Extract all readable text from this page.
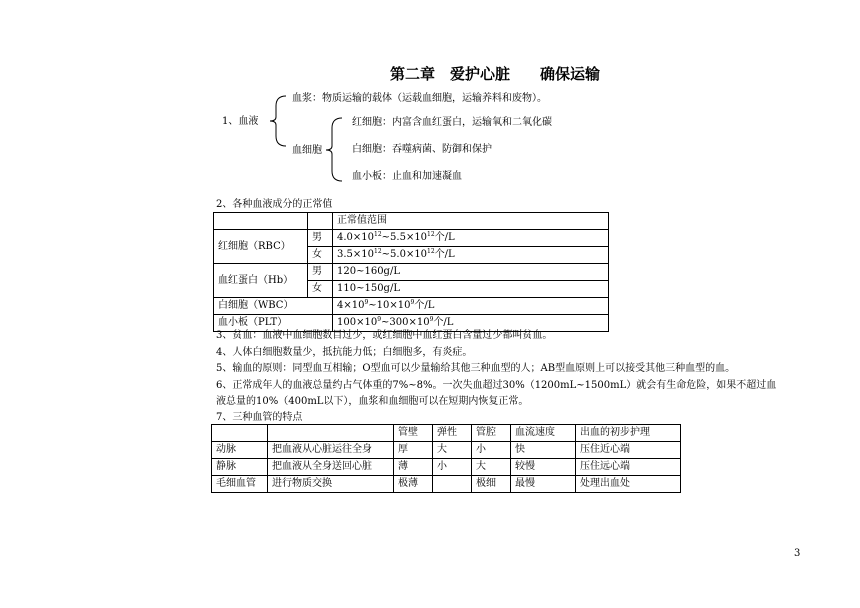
第二章　爱护心脏　　确保运输
1、血液
血浆：物质运输的载体（运载血细胞，运输养料和废物）。
血细胞
红细胞：内富含血红蛋白，运输氧和二氧化碳
白细胞：吞噬病菌、防御和保护
血小板：止血和加速凝血
2、各种血液成分的正常值
		正常值范围
红细胞（RBC）	男	$4.0\times 10^{12}\sim 5.5\times 10^{12}$个/L
	女	$3.5\times 10^{12}\sim 5.0\times 10^{12}$个/L
血红蛋白（Hb）	男	120~160g/L
	女	110~150g/L
白细胞（WBC）		$4\times 10^9\sim 10\times 10^9$个/L
血小板（PLT）		$100\times 10^9\sim 300\times 10^9$个/L
3、贫血：血液中血细胞数目过少，或红细胞中血红蛋白含量过少都叫贫血。
4、人体白细胞数量少，抵抗能力低；白细胞多，有炎症。
5、输血的原则：同型血互相输；O型血可以少量输给其他三种血型的人；AB型血原则上可以接受其他三种血型的血。
6、正常成年人的血液总量约占气体重的7%~8%。一次失血超过30%（1200mL~1500mL）就会有生命危险，如果不超过血
液总量的10%（400mL以下），血浆和血细胞可以在短期内恢复正常。
7、三种血管的特点
		管壁	弹性	管腔	血流速度	出血的初步护理
动脉	把血液从心脏运往全身	厚	大	小	快	压住近心端
静脉	把血液从全身送回心脏	薄	小	大	较慢	压住远心端
毛细血管	进行物质交换	极薄		极细	最慢	处理出血处
3
